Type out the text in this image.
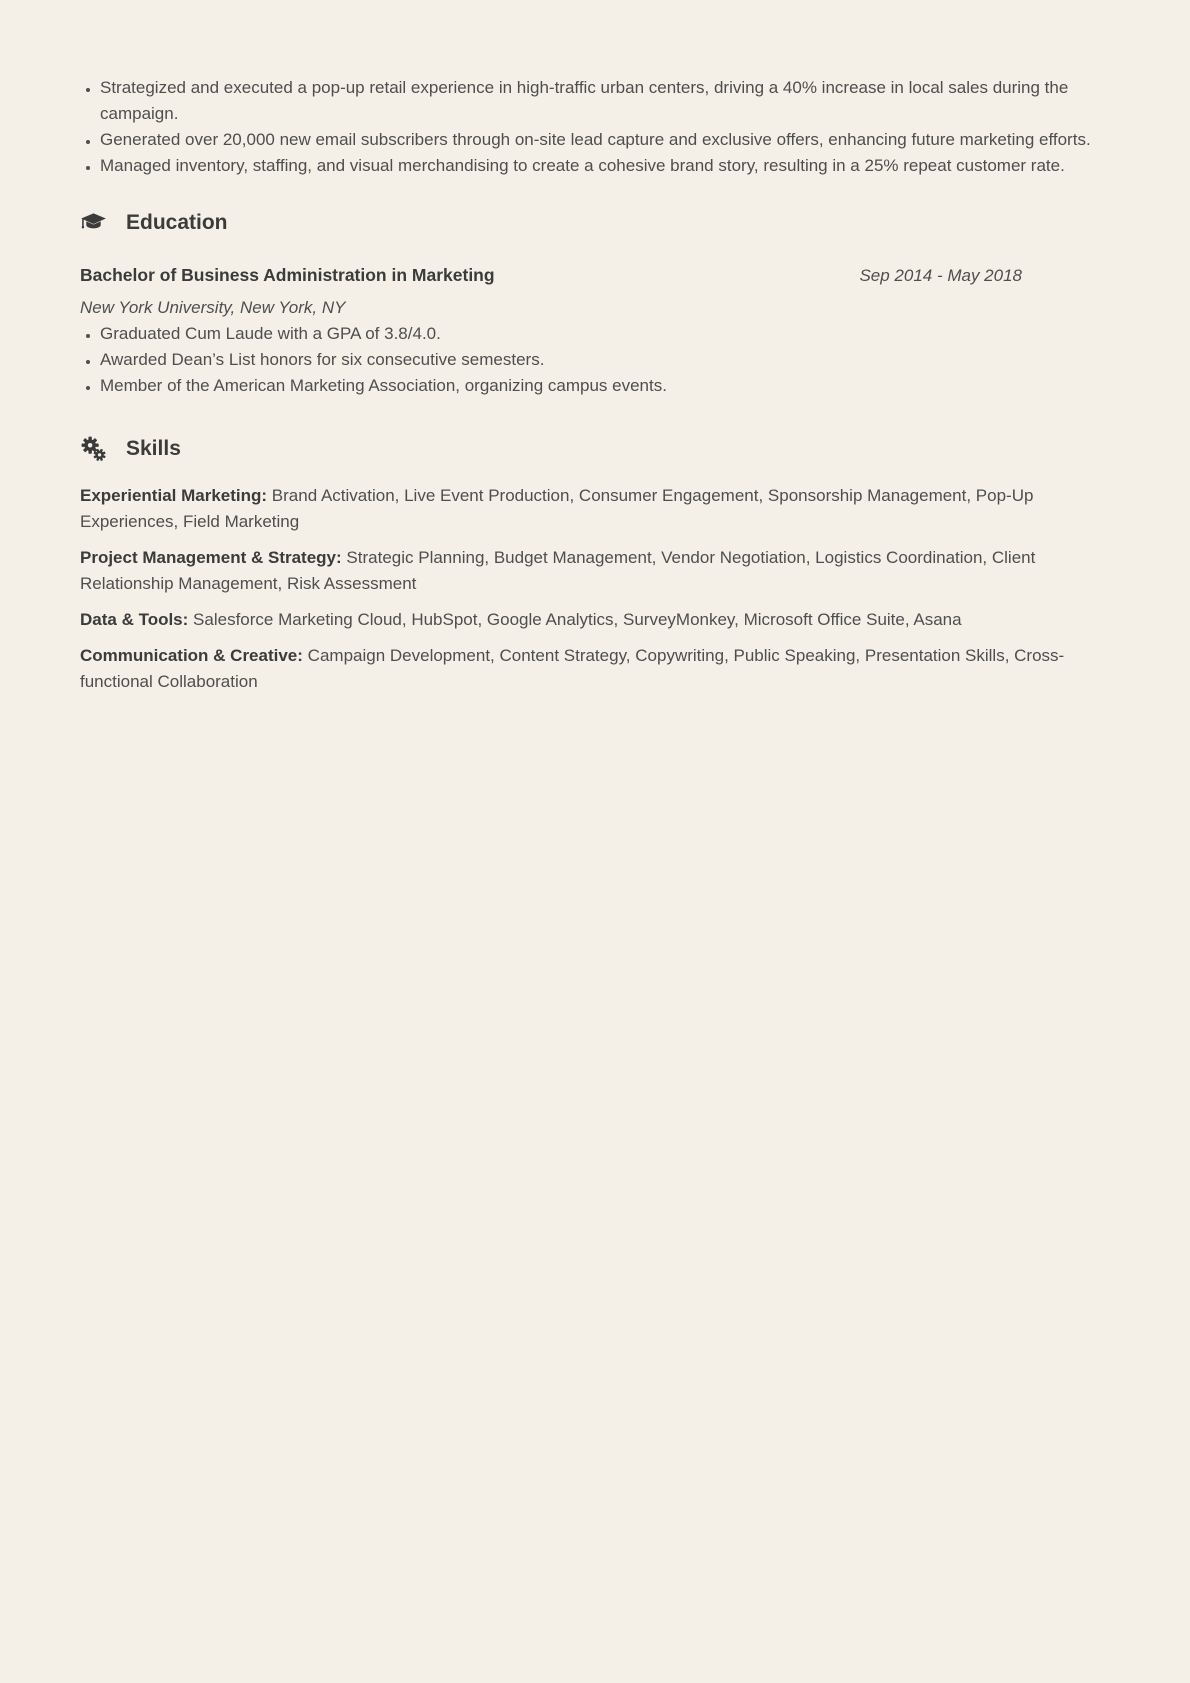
• Strategized and executed a pop-up retail experience in high-traffic urban centers, driving a 40% increase in local sales during the campaign.
• Generated over 20,000 new email subscribers through on-site lead capture and exclusive offers, enhancing future marketing efforts.
• Managed inventory, staffing, and visual merchandising to create a cohesive brand story, resulting in a 25% repeat customer rate.
Education
Bachelor of Business Administration in Marketing	Sep 2014 - May 2018
New York University, New York, NY
• Graduated Cum Laude with a GPA of 3.8/4.0.
• Awarded Dean’s List honors for six consecutive semesters.
• Member of the American Marketing Association, organizing campus events.
Skills

Experiential Marketing: Brand Activation, Live Event Production, Consumer Engagement, Sponsorship Management, Pop-Up Experiences, Field Marketing

Project Management & Strategy: Strategic Planning, Budget Management, Vendor Negotiation, Logistics Coordination, Client Relationship Management, Risk Assessment

Data & Tools: Salesforce Marketing Cloud, HubSpot, Google Analytics, SurveyMonkey, Microsoft Office Suite, Asana

Communication & Creative: Campaign Development, Content Strategy, Copywriting, Public Speaking, Presentation Skills, Cross-functional Collaboration
